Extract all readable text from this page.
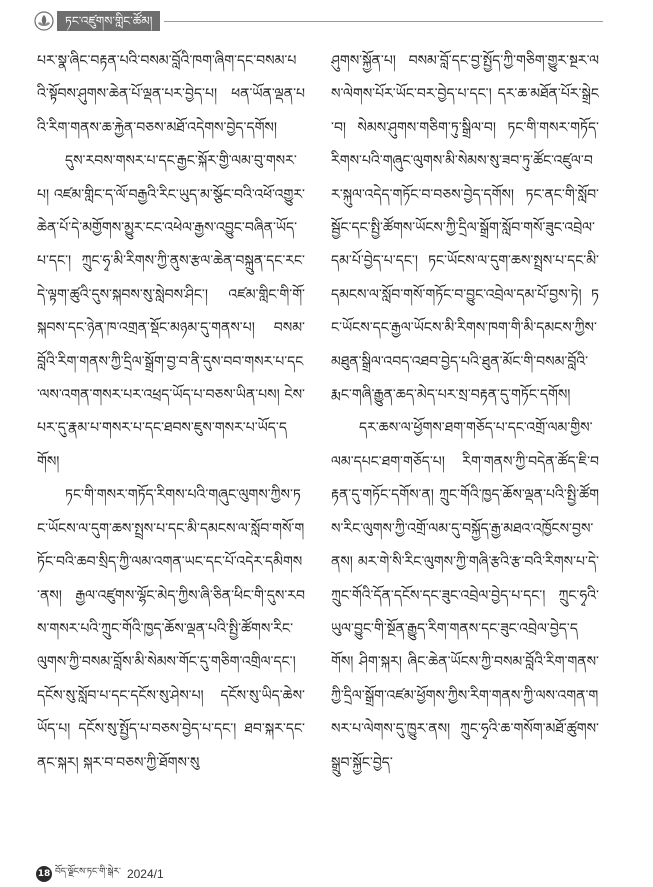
ཏང་འཛུགས་གླིང་ཚོམ།

པར་སྣ་ཞིང་བརྟན་པའི་བསམ་བློའི་ཁག་ཞིག་དང་བསམ་པའི་སྟོབས་ཤུགས་ཆེན་པོ་ལྡན་པར་བྱེད་པ། ཕན་ཡོན་ལྡན་པའི་རིག་གནས་ཆ་རྐྱེན་བཅས་མཐོ་འདེགས་བྱེད་དགོས།

དུས་རབས་གསར་པ་དང་རྒྱང་སྐོར་གྱི་ལམ་བུ་གསར་པ། འཛམ་གླིང་ད་ལོ་བརྒྱའི་རིང་ཡུད་མ་སྩོང་བའི་འཕོ་འགྱུར་ཆེན་པོ་དེ་མགྱོགས་མྱུར་ངང་འཕེལ་རྒྱས་འབྱུང་བཞིན་ཡོད་པ་དང་། ཀྲུང་ཧྭ་མི་རིགས་ཀྱི་ནུས་རྩལ་ཆེན་བསྐྲུན་དང་རང་དེ་ལྟག་ཚུའི་དུས་སྐབས་སུ་སླེབས་ཤིང་། འཛམ་གླིང་གི་གོ་སྐབས་དང་ཉེན་ཁ་འགྲན་སྡོང་མཉམ་དུ་གནས་པ། བསམ་བློའི་རིག་གནས་ཀྱི་དྲིལ་སྒྲོག་བྱ་བ་ནི་དུས་བབ་གསར་པ་དང་ལས་འགན་གསར་པར་འཕྲད་ཡོད་པ་བཅས་ཡིན་པས། ངེས་པར་དུ་རྣམ་པ་གསར་པ་དང་ཐབས་ཇུས་གསར་པ་ཡོད་དགོས།

ཏང་གི་གསར་གཏོད་རིགས་པའི་གཞུང་ལུགས་ཀྱིས་ཏང་ཡོངས་ལ་དུག་ཆས་སྤྲས་པ་དང་མི་དམངས་ལ་སློབ་གསོ་གཏོང་བའི་ཆབ་སྲིད་ཀྱི་ལམ་འགན་ཡང་དང་པོ་འདེར་དམིགས་ནས། རྒྱལ་འཛུགས་ལྷོང་མེད་ཀྱིས་ཞི་ཅིན་ཕིང་གི་དུས་རབས་གསར་པའི་ཀྲུང་གོའི་ཁྱད་ཆོས་ལྡན་པའི་སྤྱི་ཚོགས་རིང་ལུགས་ཀྱི་བསམ་བློས་མི་སེམས་གོང་དུ་གཅིག་འགྲིལ་དང་། དངོས་སུ་སློབ་པ་དང་དངོས་སུ་ཤེས་པ། དངོས་སུ་ཡིད་ཆེས་ཡོད་པ། དངོས་སུ་སྤྱོད་པ་བཅས་བྱེད་པ་དང་། ཐབ་སྐར་དང་ནང་སྐར། སྐར་བ་བཅས་ཀྱི་ཐོགས་སུ

ཤུགས་སྐྱོན་པ། བསམ་བློ་དང་བྱ་སྤྱོད་ཀྱི་གཅིག་གྱུར་སྔར་ལས་ལེགས་པོར་ཡོང་བར་བྱེད་པ་དང་། དར་ཆ་མཐོན་པོར་སྒྲེང་བ། སེམས་ཤུགས་གཅིག་ཏུ་སྒྲིལ་བ། ཏང་གི་གསར་གཏོད་རིགས་པའི་གཞུང་ལུགས་མི་སེམས་སུ་ཟབ་ཏུ་ཚོང་འཛུལ་བར་སྐུལ་འདེད་གཏོང་བ་བཅས་བྱེད་དགོས། ཏང་ནང་གི་སློབ་སྦྱོང་དང་སྤྱི་ཚོགས་ཡོངས་ཀྱི་དྲིལ་སྒྲོག་སློབ་གསོ་ཟུང་འབྲེལ་དམ་པོ་བྱེད་པ་དང་། ཏང་ཡོངས་ལ་དུག་ཆས་སྤྲས་པ་དང་མི་དམངས་ལ་སློབ་གསོ་གཏོང་བ་བྱུང་འབྲེལ་དམ་པོ་བྱས་ཏེ། ཏང་ཡོངས་དང་རྒྱལ་ཡོངས་མི་རིགས་ཁག་གི་མི་དམངས་ཀྱིས་མཐུན་སྒྲིལ་འབད་འཐབ་བྱེད་པའི་ཐུན་མོང་གི་བསམ་བློའི་རྨང་གཞི་རྒྱུན་ཆད་མེད་པར་སྲ་བརྟན་དུ་གཏོང་དགོས།

དར་ཆས་ལ་ཕྱོགས་ཐག་གཅོད་པ་དང་འགྲོ་ལམ་གྱིས་ལམ་དཔང་ཐག་གཅོད་པ། རིག་གནས་ཀྱི་བདེན་ཚོད་ཇི་བརྟན་དུ་གཏོང་དགོས་ན། ཀྲུང་གོའི་ཁྱད་ཆོས་ལྡན་པའི་སྤྱི་ཚོགས་རིང་ལུགས་ཀྱི་འགྲོ་ལམ་དུ་བསྐྱོད་རྒྱ་མཐའ་འཁྱོངས་བྱས་ནས། མར་གེ་སི་རིང་ལུགས་ཀྱི་གཞི་རྩའི་རྩ་བའི་རིགས་པ་དེ་ཀྲུང་གོའི་དོན་དངོས་དང་ཟུང་འབྲེལ་བྱེད་པ་དང་། ཀྲུང་ཧྭའི་ཡུལ་བྱུང་གི་སྔོན་རྒྱུད་རིག་གནས་དང་ཟུང་འབྲེལ་བྱེད་དགོས། ཤིག་སྐར། ཞིང་ཆེན་ཡོངས་ཀྱི་བསམ་བློའི་རིག་གནས་ཀྱི་དྲིལ་སྒྲོག་འཛམ་ཕྱོགས་ཀྱིས་རིག་གནས་ཀྱི་ལས་འགན་གསར་པ་ལེགས་དུ་ཁྱུར་ནས། ཀྲུང་ཧྭའི་ཆ་གསོག་མཐོ་ཚུགས་སྒྲུབ་སྐྱོང་བྱེད་

18 བོད་ལྗོངས་ཏང་གི་སྒེར་ 2024/1
